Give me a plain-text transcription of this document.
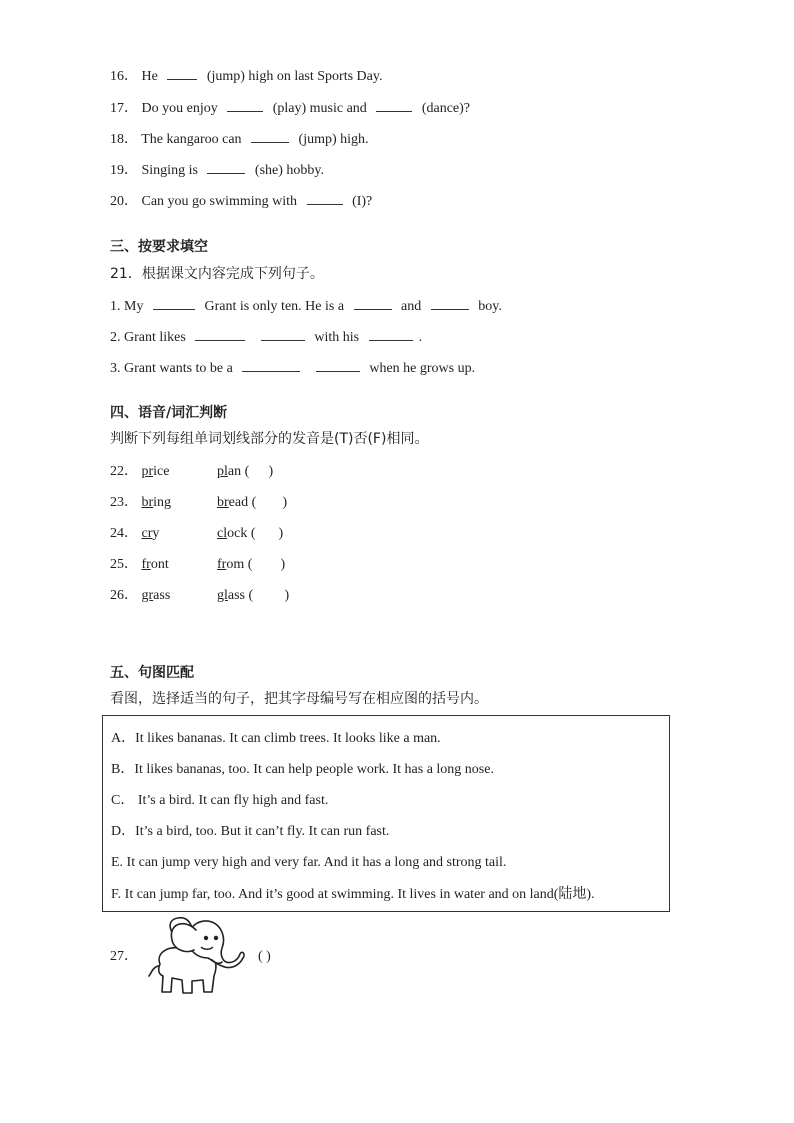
16． He	(jump) high on last Sports Day.
17． Do you enjoy	(play) music and	(dance)?
18． The kangaroo can	(jump) high.
19． Singing is	(she) hobby.
20． Can you go swimming with	(I)?
三、按要求填空
21．根据课文内容完成下列句子。
1. My	Grant is only ten. He is a	and	boy.
2. Grant likes	with his	.
3. Grant wants to be a	when he grows up.
四、语音/词汇判断
判断下列每组单词划线部分的发音是(T)否(F)相同。
22． price	plan ( )
23． bring	bread ( )
24． cry	clock ( )
25． front	from ( )
26． grass	glass ( )
五、句图匹配
看图，选择适当的句子，把其字母编号写在相应图的括号内。
A．It likes bananas. It can climb trees. It looks like a man.
B．It likes bananas, too. It can help people work. It has a long nose.
C． It’s a bird. It can fly high and fast.
D．It’s a bird, too. But it can’t fly. It can run fast.
E. It can jump very high and very far. And it has a long and strong tail.
F. It can jump far, too. And it’s good at swimming. It lives in water and on land(陆地).
27．	( )
